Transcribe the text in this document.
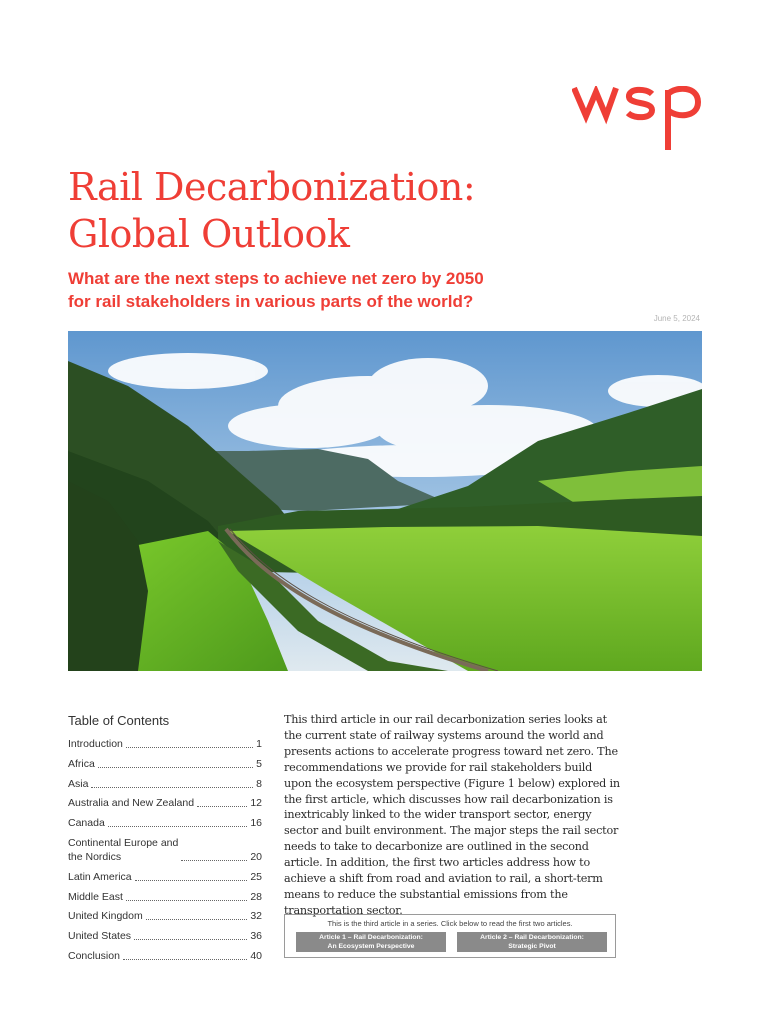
Rail Decarbonization:
Global Outlook
What are the next steps to achieve net zero by 2050
for rail stakeholders in various parts of the world?
June 5, 2024
Table of Contents
Introduction	1
Africa	5
Asia	8
Australia and New Zealand	12
Canada	16
Continental Europe and
the Nordics	20
Latin America	25
Middle East	28
United Kingdom	32
United States	36
Conclusion	40

This third article in our rail decarbonization series looks at the current state of railway systems around the world and presents actions to accelerate progress toward net zero. The recommendations we provide for rail stakeholders build upon the ecosystem perspective (Figure 1 below) explored in the first article, which discusses how rail decarbonization is inextricably linked to the wider transport sector, energy sector and built environment. The major steps the rail sector needs to take to decarbonize are outlined in the second article. In addition, the first two articles address how to achieve a shift from road and aviation to rail, a short-term means to reduce the substantial emissions from the transportation sector.

This is the third article in a series. Click below to read the first two articles.
Article 1 – Rail Decarbonization:
An Ecosystem Perspective
Article 2 – Rail Decarbonization:
Strategic Pivot
